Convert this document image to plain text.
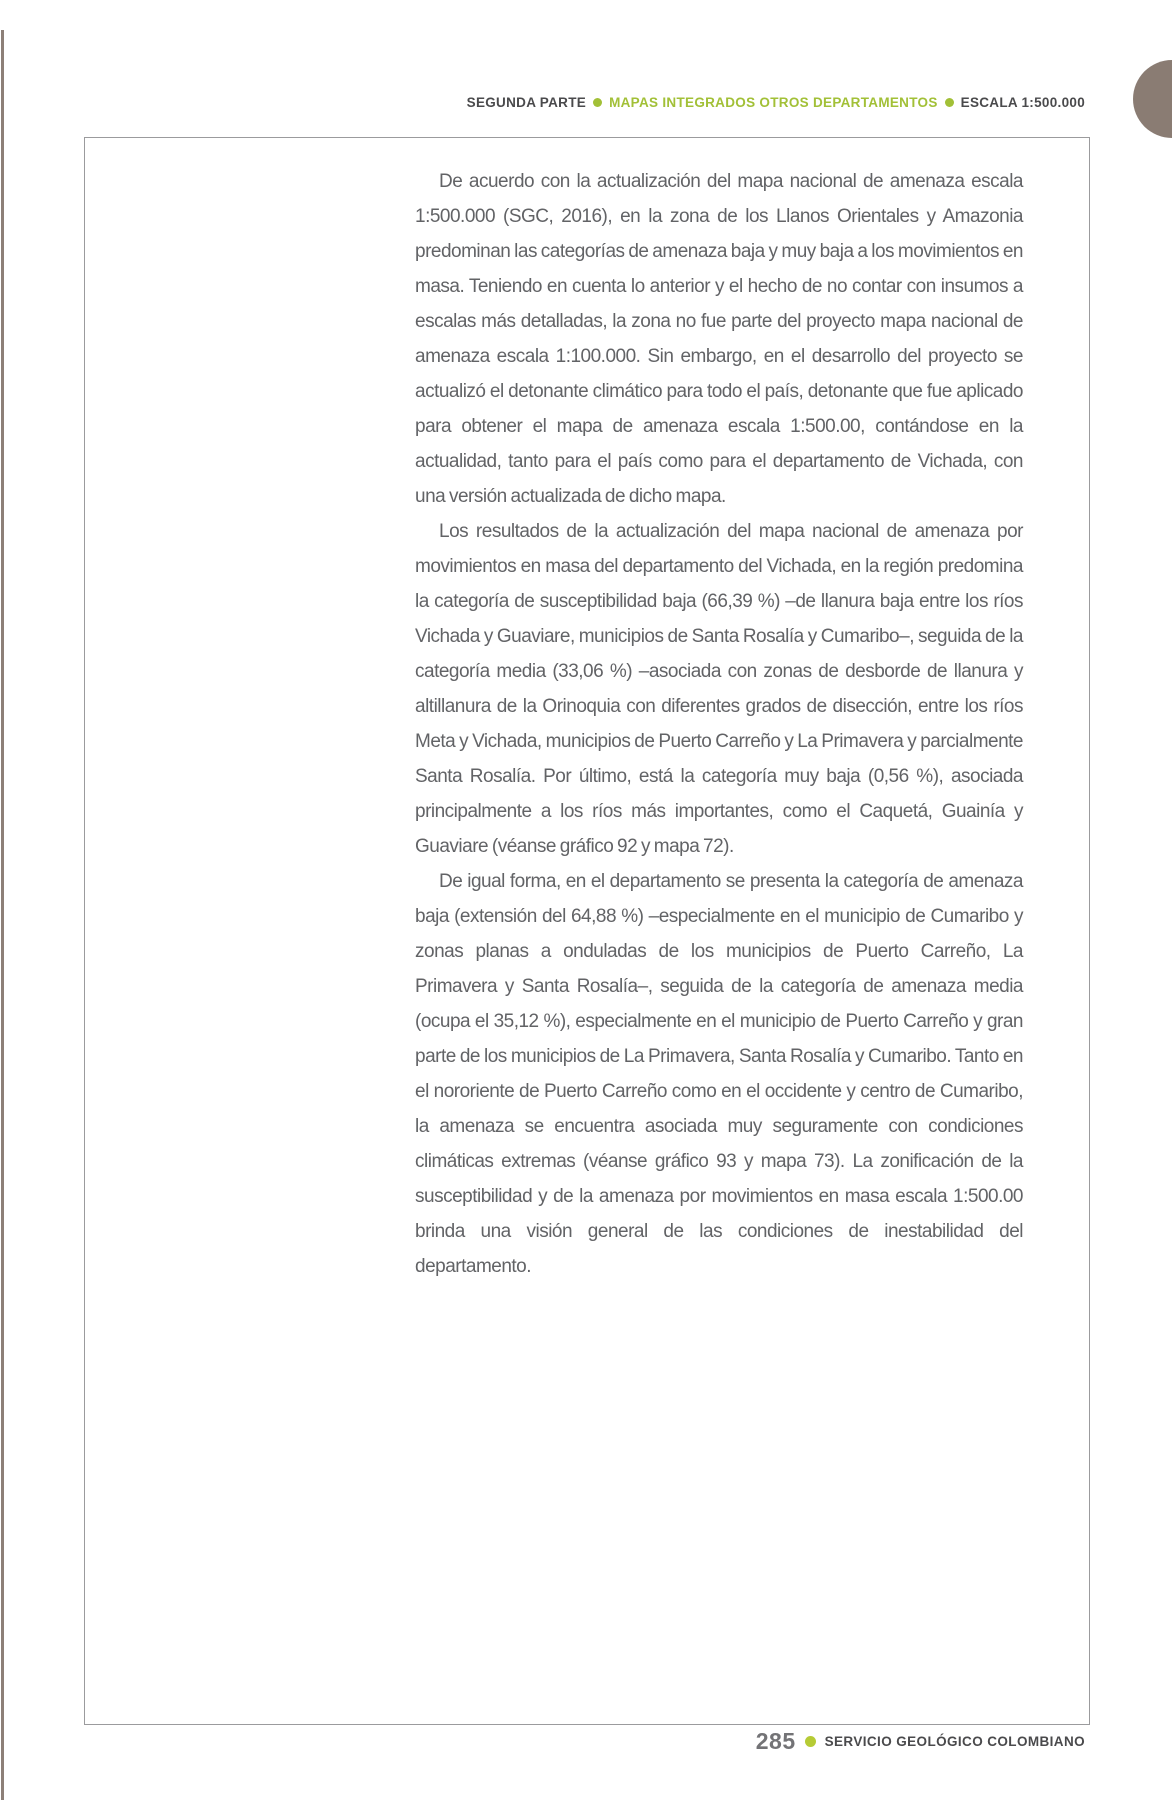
SEGUNDA PARTE MAPAS INTEGRADOS OTROS DEPARTAMENTOS ESCALA 1:500.000

De acuerdo con la actualización del mapa nacional de amenaza escala 1:500.000 (SGC, 2016), en la zona de los Llanos Orientales y Amazonia predominan las categorías de amenaza baja y muy baja a los movimientos en masa. Teniendo en cuenta lo anterior y el hecho de no contar con insumos a escalas más detalladas, la zona no fue parte del proyecto mapa nacional de amenaza escala 1:100.000. Sin embargo, en el desarrollo del proyecto se actualizó el detonante climático para todo el país, detonante que fue aplicado para obtener el mapa de amenaza escala 1:500.00, contándose en la actualidad, tanto para el país como para el departamento de Vichada, con una versión actualizada de dicho mapa.

Los resultados de la actualización del mapa nacional de amenaza por movimientos en masa del departamento del Vichada, en la región predomina la categoría de susceptibilidad baja (66,39 %) –de llanura baja entre los ríos Vichada y Guaviare, municipios de Santa Rosalía y Cumaribo–, seguida de la categoría media (33,06 %) –asociada con zonas de desborde de llanura y altillanura de la Orinoquia con diferentes grados de disección, entre los ríos Meta y Vichada, municipios de Puerto Carreño y La Primavera y parcialmente Santa Rosalía. Por último, está la categoría muy baja (0,56 %), asociada principalmente a los ríos más importantes, como el Caquetá, Guainía y Guaviare (véanse gráfico 92 y mapa 72).

De igual forma, en el departamento se presenta la categoría de amenaza baja (extensión del 64,88 %) –especialmente en el municipio de Cumaribo y zonas planas a onduladas de los municipios de Puerto Carreño, La Primavera y Santa Rosalía–, seguida de la categoría de amenaza media (ocupa el 35,12 %), especialmente en el municipio de Puerto Carreño y gran parte de los municipios de La Primavera, Santa Rosalía y Cumaribo. Tanto en el nororiente de Puerto Carreño como en el occidente y centro de Cumaribo, la amenaza se encuentra asociada muy seguramente con condiciones climáticas extremas (véanse gráfico 93 y mapa 73). La zonificación de la susceptibilidad y de la amenaza por movimientos en masa escala 1:500.00 brinda una visión general de las condiciones de inestabilidad del departamento.

285 SERVICIO GEOLÓGICO COLOMBIANO
